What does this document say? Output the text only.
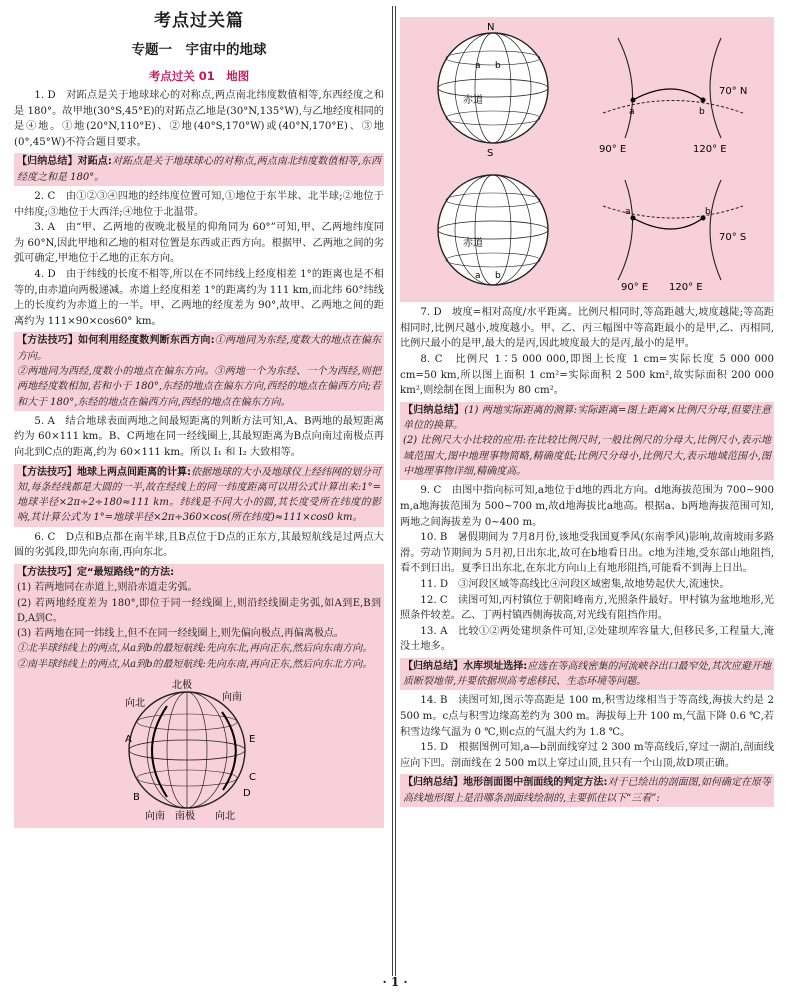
考点过关篇
专题一　宇宙中的地球
考点过关 01　地图

1. D　对跖点是关于地球球心的对称点,两点南北纬度数值相等,东西经度之和是 180°。故甲地(30°S,45°E)的对跖点乙地是(30°N,135°W),与乙地经度相同的是④地。①地(20°N,110°E)、②地(40°S,170°W)或(40°N,170°E)、③地(0°,45°W)不符合题目要求。

【归纳总结】对跖点:对跖点是关于地球球心的对称点,两点南北纬度数值相等,东西经度之和是 180°。

2. C　由①②③④四地的经纬度位置可知,①地位于东半球、北半球;②地位于中纬度;③地位于大西洋;④地位于北温带。

3. A　由“甲、乙两地的夜晚北极星的仰角同为 60°”可知,甲、乙两地纬度同为 60°N,因此甲地和乙地的相对位置是东西或正西方向。根据甲、乙两地之间的劣弧可确定,甲地位于乙地的正东方向。

4. D　由于纬线的长度不相等,所以在不同纬线上经度相差 1°的距离也是不相等的,由赤道向两极递减。赤道上经度相差 1°的距离约为 111 km,而北纬 60°纬线上的长度约为赤道上的一半。甲、乙两地的经度差为 90°,故甲、乙两地之间的距离约为 111×90×cos60° km。

【方法技巧】如何利用经度数判断东西方向:①两地同为东经,度数大的地点在偏东方向。
②两地同为西经,度数小的地点在偏东方向。③两地一个为东经、一个为西经,则把两地经度数相加,若和小于 180°,东经的地点在偏东方向,西经的地点在偏西方向;若和大于 180°,东经的地点在偏西方向,西经的地点在偏东方向。

5. A　结合地球表面两地之间最短距离的判断方法可知,A、B两地的最短距离约为 60×111 km。B、C两地在同一经线圈上,其最短距离为B点向南过南极点再向北到C点的距离,约为 60×111 km。所以 I₁ 和 I₂ 大致相等。

【方法技巧】地球上两点间距离的计算:依据地球的大小及地球仪上经纬网的划分可知,每条经线都是大圆的一半,故在经线上的同一纬度距离可以用公式计算出来:1°=地球半径×2π÷2÷180≈111 km。纬线是不同大小的圆,其长度受所在纬度的影响,其计算公式为 1°=地球半径×2π÷360×cos(所在纬度)≈111×cos0 km。

6. C　D点和B点都在南半球,且B点位于D点的正东方,其最短航线是过两点大圆的劣弧段,即先向东南,再向东北。

【方法技巧】定“最短路线”的方法:
(1) 若两地同在赤道上,则沿赤道走劣弧。
(2) 若两地经度差为 180°,即位于同一经线圈上,则沿经线圈走劣弧,如A到E,B到D,A到C。
(3) 若两地在同一纬线上,但不在同一经线圈上,则先偏向极点,再偏离极点。
①北半球纬线上的两点,从a到b的最短航线:先向东北,再向正东,然后向东南方向。
②南半球纬线上的两点,从a到b的最短航线:先向东南,再向正东,然后向东北方向。
北极
向北
向南
A	E
C
B	D
向南 南极 向北
N
S
赤道
a b
a	b
70° N
90° E	120° E
赤道
a b
a	b
70° S
90° E 120° E

7. D　坡度=相对高度/水平距离。比例尺相同时,等高距越大,坡度越陡;等高距相同时,比例尺越小,坡度越小。甲、乙、丙三幅图中等高距最小的是甲,乙、丙相同,比例尺最小的是甲,最大的是丙,因此坡度最大的是丙,最小的是甲。

8. C　比例尺 1∶5 000 000,即图上长度 1 cm=实际长度 5 000 000 cm=50 km,所以图上面积 1 cm²=实际面积 2 500 km²,故实际面积 200 000 km²,则绘制在图上面积为 80 cm²。

【归纳总结】(1) 两地实际距离的测算:实际距离=图上距离×比例尺分母,但要注意单位的换算。
(2) 比例尺大小比较的应用:在比较比例尺时,一般比例尺的分母大,比例尺小,表示地域范围大,图中地理事物简略,精确度低;比例尺分母小,比例尺大,表示地域范围小,图中地理事物详细,精确度高。

9. C　由图中指向标可知,a地位于d地的西北方向。d地海拔范围为 700~900 m,a地海拔范围为 500~700 m,故d地海拔比a地高。根据a、b两地海拔范围可知,两地之间海拔差为 0~400 m。

10. B　暑假期间为 7月8月份,该地受我国夏季风(东南季风)影响,故南坡雨多路滑。劳动节期间为 5月初,日出东北,故可在b地看日出。c地为洼地,受东部山地阻挡,看不到日出。夏季日出东北,在东北方向山上有地形阻挡,可能看不到海上日出。

11. D　③河段区域等高线比④河段区域密集,故地势起伏大,流速快。

12. C　读图可知,丙村镇位于朝阳峰南方,光照条件最好。甲村镇为盆地地形,光照条件较差。乙、丁两村镇西侧海拔高,对光线有阻挡作用。

13. A　比较①②两处建坝条件可知,②处建坝库容量大,但移民多,工程量大,淹没土地多。

【归纳总结】水库坝址选择:应选在等高线密集的河流峡谷出口最窄处,其次应避开地质断裂地带,并要依据坝高考虑移民、生态环境等问题。

14. B　读图可知,图示等高距是 100 m,积雪边缘相当于等高线,海拔大约是 2 500 m。c点与积雪边缘高差约为 300 m。海拔每上升 100 m,气温下降 0.6 ℃,若积雪边缘气温为 0 ℃,则c点的气温大约为 1.8 ℃。

15. D　根据图例可知,a—b剖面线穿过 2 300 m等高线后,穿过一湖泊,剖面线应向下凹。剖面线在 2 500 m以上穿过山顶,且只有一个山顶,故D项正确。

【归纳总结】地形剖面图中剖面线的判定方法:对于已绘出的剖面图,如何确定在原等高线地形图上是沿哪条剖面线绘制的,主要抓住以下“三看”:
· 1 ·
